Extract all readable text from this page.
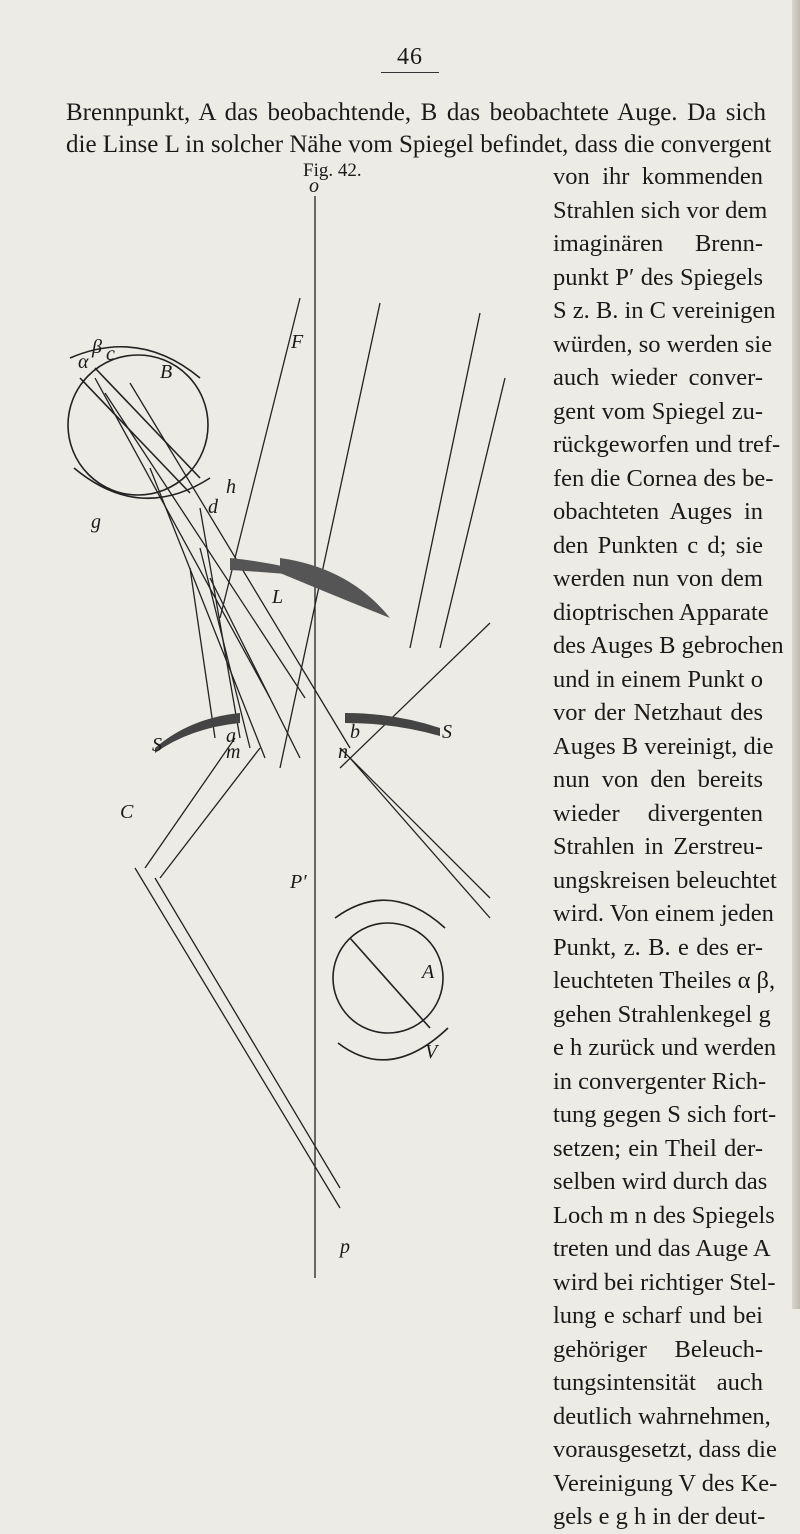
46
Brennpunkt, A das beobachtende, B das beobachtete Auge. Da sich
die Linse L in solcher Nähe vom Spiegel befindet, dass die convergent
Fig. 42.
o
F
α
β
B
c
h
g
d
L
S
S
a
m	n
b
C
P′
A
V
p
von ihr kommenden
Strahlen sich vor dem
imaginären Brenn-
punkt P′ des Spiegels
S z. B. in C vereinigen
würden, so werden sie
auch wieder conver-
gent vom Spiegel zu-
rückgeworfen und tref-
fen die Cornea des be-
obachteten Auges in
den Punkten c d; sie
werden nun von dem
dioptrischen Apparate
des Auges B gebrochen
und in einem Punkt o
vor der Netzhaut des
Auges B vereinigt, die
nun von den bereits
wieder divergenten
Strahlen in Zerstreu-
ungskreisen beleuchtet
wird. Von einem jeden
Punkt, z. B. e des er-
leuchteten Theiles α β,
gehen Strahlenkegel g
e h zurück und werden
in convergenter Rich-
tung gegen S sich fort-
setzen; ein Theil der-
selben wird durch das
Loch m n des Spiegels
treten und das Auge A
wird bei richtiger Stel-
lung e scharf und bei
gehöriger Beleuch-
tungsintensität auch
deutlich wahrnehmen,
vorausgesetzt, dass die
Vereinigung V des Ke-
gels e g h in der deut-
